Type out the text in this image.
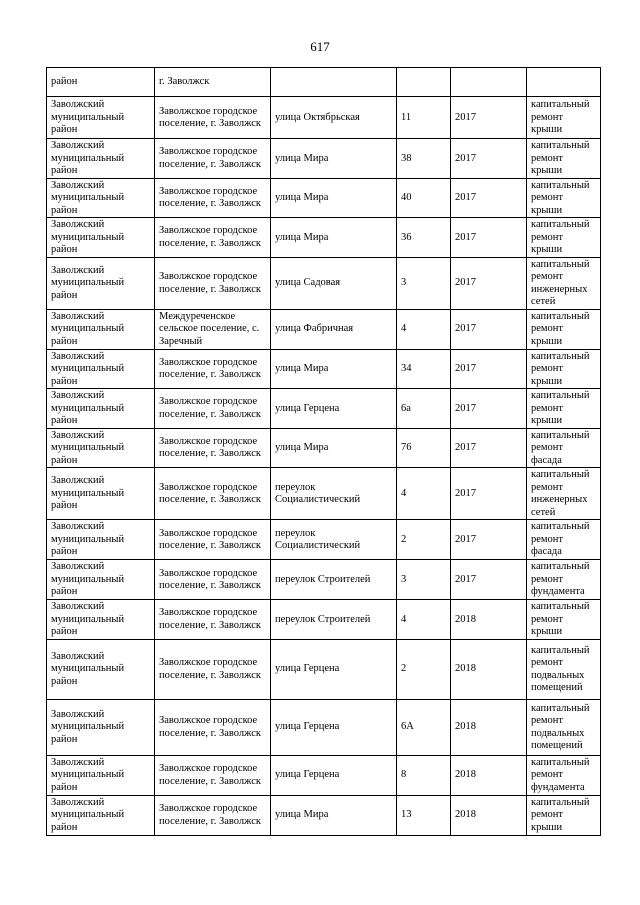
617
район	г. Заволжск				
Заволжский муниципальный район	Заволжское городское поселение, г. Заволжск	улица Октябрьская	11	2017	капитальный ремонт крыши
Заволжский муниципальный район	Заволжское городское поселение, г. Заволжск	улица Мира	38	2017	капитальный ремонт крыши
Заволжский муниципальный район	Заволжское городское поселение, г. Заволжск	улица Мира	40	2017	капитальный ремонт крыши
Заволжский муниципальный район	Заволжское городское поселение, г. Заволжск	улица Мира	36	2017	капитальный ремонт крыши
Заволжский муниципальный район	Заволжское городское поселение, г. Заволжск	улица Садовая	3	2017	капитальный ремонт инженерных сетей
Заволжский муниципальный район	Междуреченское сельское поселение, с. Заречный	улица Фабричная	4	2017	капитальный ремонт крыши
Заволжский муниципальный район	Заволжское городское поселение, г. Заволжск	улица Мира	34	2017	капитальный ремонт крыши
Заволжский муниципальный район	Заволжское городское поселение, г. Заволжск	улица Герцена	6а	2017	капитальный ремонт крыши
Заволжский муниципальный район	Заволжское городское поселение, г. Заволжск	улица Мира	76	2017	капитальный ремонт фасада
Заволжский муниципальный район	Заволжское городское поселение, г. Заволжск	переулок Социалистический	4	2017	капитальный ремонт инженерных сетей
Заволжский муниципальный район	Заволжское городское поселение, г. Заволжск	переулок Социалистический	2	2017	капитальный ремонт фасада
Заволжский муниципальный район	Заволжское городское поселение, г. Заволжск	переулок Строителей	3	2017	капитальный ремонт фундамента
Заволжский муниципальный район	Заволжское городское поселение, г. Заволжск	переулок Строителей	4	2018	капитальный ремонт крыши
Заволжский муниципальный район	Заволжское городское поселение, г. Заволжск	улица Герцена	2	2018	капитальный ремонт подвальных помещений
Заволжский муниципальный район	Заволжское городское поселение, г. Заволжск	улица Герцена	6А	2018	капитальный ремонт подвальных помещений
Заволжский муниципальный район	Заволжское городское поселение, г. Заволжск	улица Герцена	8	2018	капитальный ремонт фундамента
Заволжский муниципальный район	Заволжское городское поселение, г. Заволжск	улица Мира	13	2018	капитальный ремонт крыши
